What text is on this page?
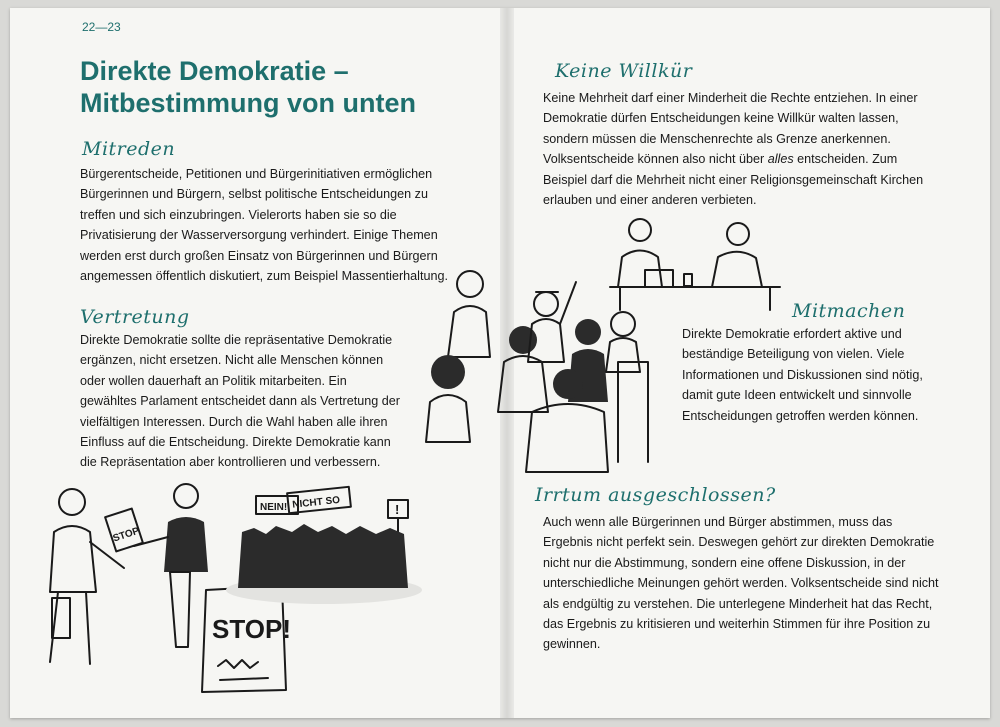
22—23
Direkte Demokratie – Mitbestimmung von unten
Mitreden

Bürgerentscheide, Petitionen und Bürgerinitiativen ermöglichen Bürgerinnen und Bürgern, selbst politische Entscheidungen zu treffen und sich einzubringen. Vielerorts haben sie so die Privatisierung der Wasserversorgung verhindert. Einige Themen werden erst durch großen Einsatz von Bürgerinnen und Bürgern angemessen öffentlich diskutiert, zum Beispiel Massentierhaltung.

Vertretung

Direkte Demokratie sollte die repräsentative Demokratie ergänzen, nicht ersetzen. Nicht alle Menschen können oder wollen dauerhaft an Politik mitarbeiten. Ein gewähltes Parlament entscheidet dann als Vertretung der vielfältigen Interessen. Durch die Wahl haben alle ihren Einfluss auf die Entscheidung. Direkte Demokratie kann die Repräsentation aber kontrollieren und verbessern.

Keine Willkür

Keine Mehrheit darf einer Minderheit die Rechte entziehen. In einer Demokratie dürfen Entscheidungen keine Willkür walten lassen, sondern müssen die Menschenrechte als Grenze anerkennen. Volksentscheide können also nicht über alles entscheiden. Zum Beispiel darf die Mehrheit nicht einer Religionsgemeinschaft Kirchen erlauben und einer anderen verbieten.

Mitmachen

Direkte Demokratie erfordert aktive und beständige Beteiligung von vielen. Viele Informationen und Diskussionen sind nötig, damit gute Ideen entwickelt und sinnvolle Entscheidungen getroffen werden können.

Irrtum ausgeschlossen?

Auch wenn alle Bürgerinnen und Bürger abstimmen, muss das Ergebnis nicht perfekt sein. Deswegen gehört zur direkten Demokratie nicht nur die Abstimmung, sondern eine offene Diskussion, in der unterschiedliche Meinungen gehört werden. Volksentscheide sind nicht als endgültig zu verstehen. Die unterlegene Minderheit hat das Recht, das Ergebnis zu kritisieren und weiterhin Stimmen für ihre Position zu gewinnen.

STOP
STOP!
NEIN! NICHT SO	!
